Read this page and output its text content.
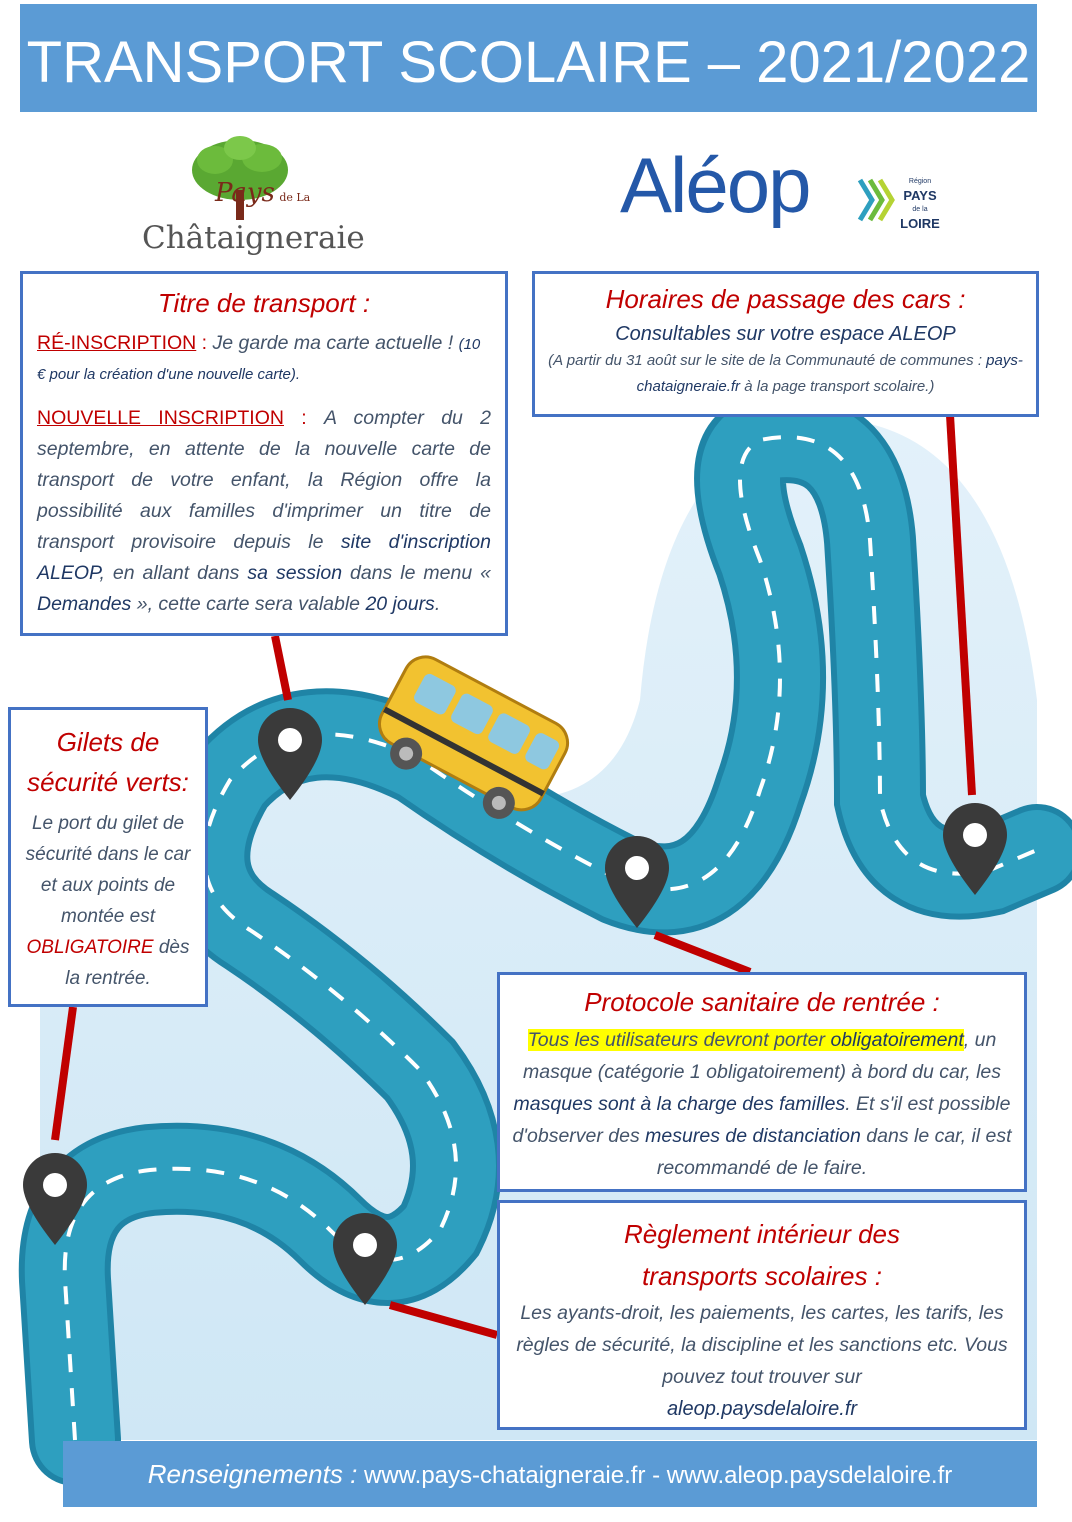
TRANSPORT SCOLAIRE – 2021/2022
Pays de La
Châtaigneraie
Aléop	Région
PAYS
de la
LOIRE
Titre de transport :

RÉ-INSCRIPTION : Je garde ma carte actuelle ! (10 € pour la création d'une nouvelle carte).

NOUVELLE INSCRIPTION : A compter du 2 septembre, en attente de la nouvelle carte de transport de votre enfant, la Région offre la possibilité aux familles d'imprimer un titre de transport provisoire depuis le site d'inscription ALEOP, en allant dans sa session dans le menu « Demandes », cette carte sera valable 20 jours.

Horaires de passage des cars :
Consultables sur votre espace ALEOP
(A partir du 31 août sur le site de la Communauté de communes : pays-chataigneraie.fr à la page transport scolaire.)
Gilets de sécurité verts:
Le port du gilet de sécurité dans le car et aux points de montée est OBLIGATOIRE dès la rentrée.
Protocole sanitaire de rentrée :
Tous les utilisateurs devront porter obligatoirement, un masque (catégorie 1 obligatoirement) à bord du car, les masques sont à la charge des familles. Et s'il est possible d'observer des mesures de distanciation dans le car, il est recommandé de le faire.
Règlement intérieur des
transports scolaires :
Les ayants-droit, les paiements, les cartes, les tarifs, les règles de sécurité, la discipline et les sanctions etc. Vous pouvez tout trouver sur
aleop.paysdelaloire.fr
Renseignements : www.pays-chataigneraie.fr - www.aleop.paysdelaloire.fr
